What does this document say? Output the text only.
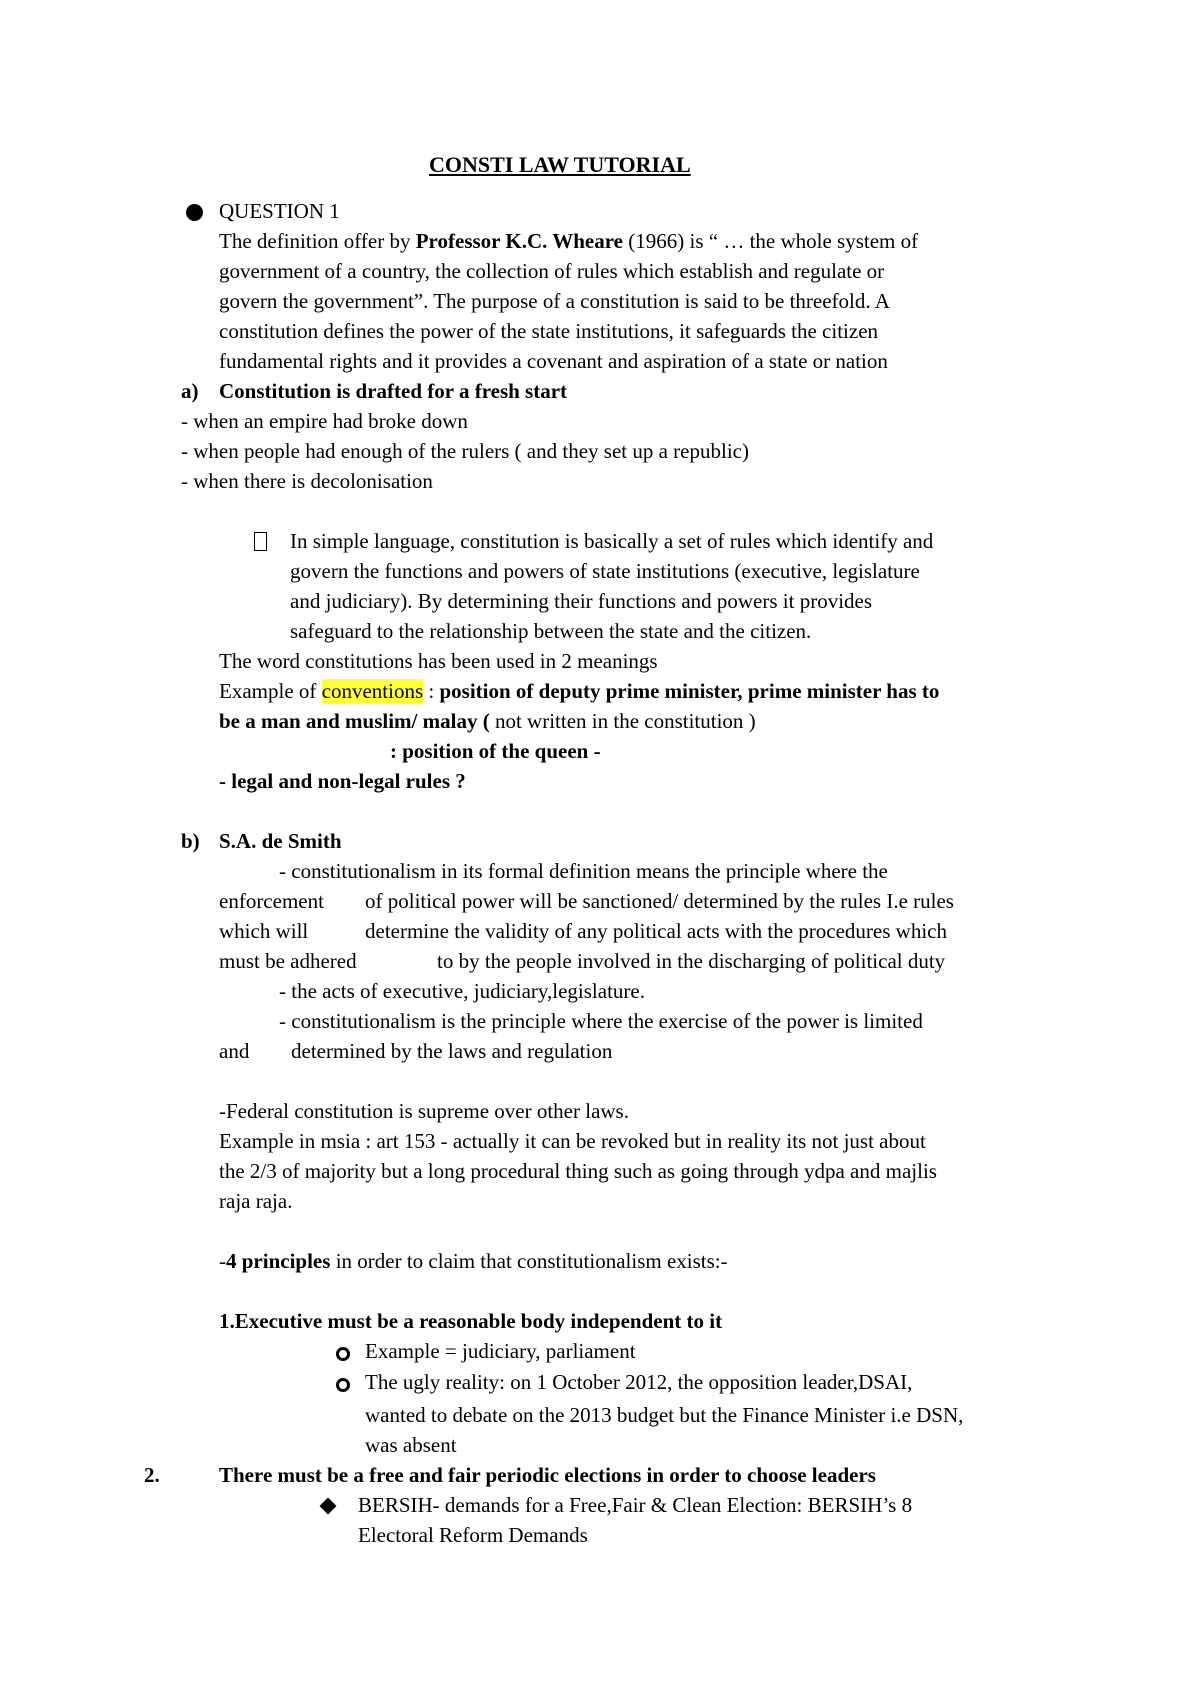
CONSTI LAW TUTORIAL
QUESTION 1
The definition offer by Professor K.C. Wheare (1966) is “ … the whole system of
government of a country, the collection of rules which establish and regulate or
govern the government”. The purpose of a constitution is said to be threefold. A
constitution defines the power of the state institutions, it safeguards the citizen
fundamental rights and it provides a covenant and aspiration of a state or nation
a) Constitution is drafted for a fresh start
- when an empire had broke down
- when people had enough of the rulers ( and they set up a republic)
- when there is decolonisation
In simple language, constitution is basically a set of rules which identify and
govern the functions and powers of state institutions (executive, legislature
and judiciary). By determining their functions and powers it provides
safeguard to the relationship between the state and the citizen.
The word constitutions has been used in 2 meanings
Example of conventions : position of deputy prime minister, prime minister has to
be a man and muslim/ malay ( not written in the constitution )
: position of the queen -
- legal and non-legal rules ?
b) S.A. de Smith
- constitutionalism in its formal definition means the principle where the
enforcement of political power will be sanctioned/ determined by the rules I.e rules
which will	determine the validity of any political acts with the procedures which
must be adhered	to by the people involved in the discharging of political duty
- the acts of executive, judiciary,legislature.
- constitutionalism is the principle where the exercise of the power is limited
and determined by the laws and regulation
-Federal constitution is supreme over other laws.
Example in msia : art 153 - actually it can be revoked but in reality its not just about
the 2/3 of majority but a long procedural thing such as going through ydpa and majlis
raja raja.
-4 principles in order to claim that constitutionalism exists:-
1.Executive must be a reasonable body independent to it
Example = judiciary, parliament
The ugly reality: on 1 October 2012, the opposition leader,DSAI,
wanted to debate on the 2013 budget but the Finance Minister i.e DSN,
was absent
2.	There must be a free and fair periodic elections in order to choose leaders
BERSIH- demands for a Free,Fair & Clean Election: BERSIH’s 8
Electoral Reform Demands
